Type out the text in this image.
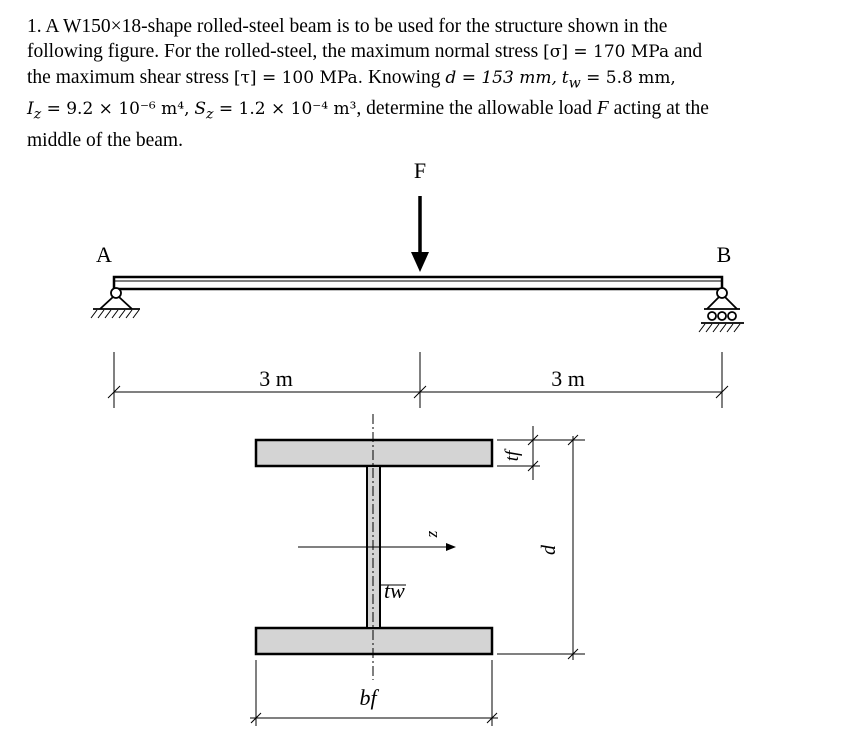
1. A W150×18-shape rolled-steel beam is to be used for the structure shown in the
following figure. For the rolled-steel, the maximum normal stress [σ] = 170 MPa and
the maximum shear stress [τ] = 100 MPa. Knowing d = 153 mm, $t_w = 5.8$ mm,
$I_z = 9.2 \times 10^{-6}$ m⁴, $S_z = 1.2 \times 10^{-4}$ m³, determine the allowable load F acting at the
middle of the beam.
F
A	B
3 m	3 m
z
tw
tf
d
bf
